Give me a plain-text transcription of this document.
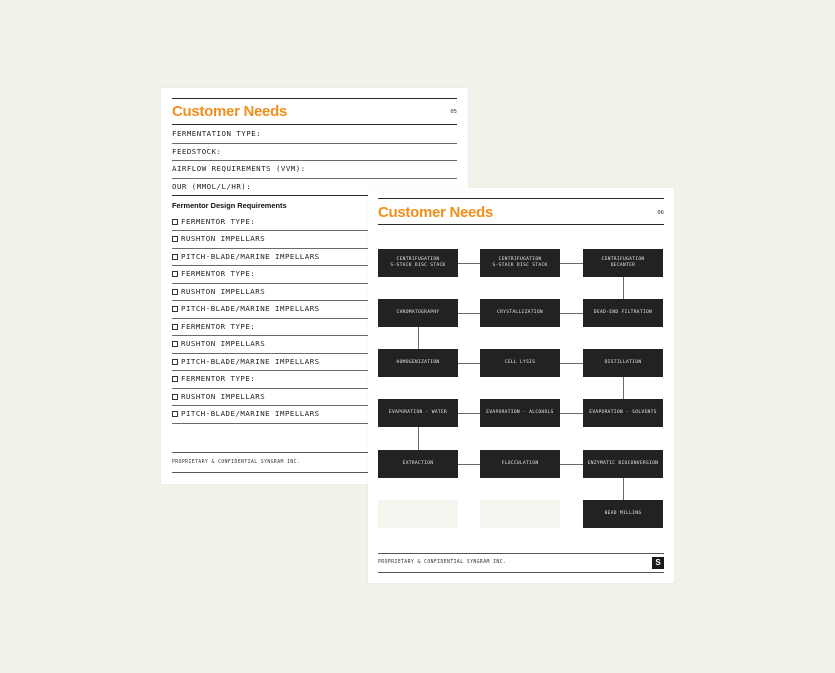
Customer Needs	05
FERMENTATION TYPE:
FEEDSTOCK:
AIRFLOW REQUIREMENTS (VVM):
OUR (MMOL/L/HR):
Fermentor Design Requirements
FERMENTOR TYPE:
RUSHTON IMPELLARS
PITCH-BLADE/MARINE IMPELLARS
FERMENTOR TYPE:
RUSHTON IMPELLARS
PITCH-BLADE/MARINE IMPELLARS
FERMENTOR TYPE:
RUSHTON IMPELLARS
PITCH-BLADE/MARINE IMPELLARS
FERMENTOR TYPE:
RUSHTON IMPELLARS
PITCH-BLADE/MARINE IMPELLARS
PROPRIETARY & CONFIDENTIAL SYNGRAM INC.
Customer Needs	06
CENTRIFUGATION
S-STACK DISC STACK
CENTRIFUGATION
S-STACK DISC STACK
CENTRIFUGATION
DECANTER
CHROMATOGRAPHY	CRYSTALLIZATION	DEAD-END FILTRATION
HOMOGENIZATION	CELL LYSIS	DISTILLATION
EVAPORATION - WATER	EVAPORATION - ALCOHOLS	EVAPORATION - SOLVENTS
EXTRACTION	FLOCCULATION	ENZYMATIC BIOCONVERSION
BEAD MILLING
PROPRIETARY & CONFIDENTIAL SYNGRAM INC.	S
